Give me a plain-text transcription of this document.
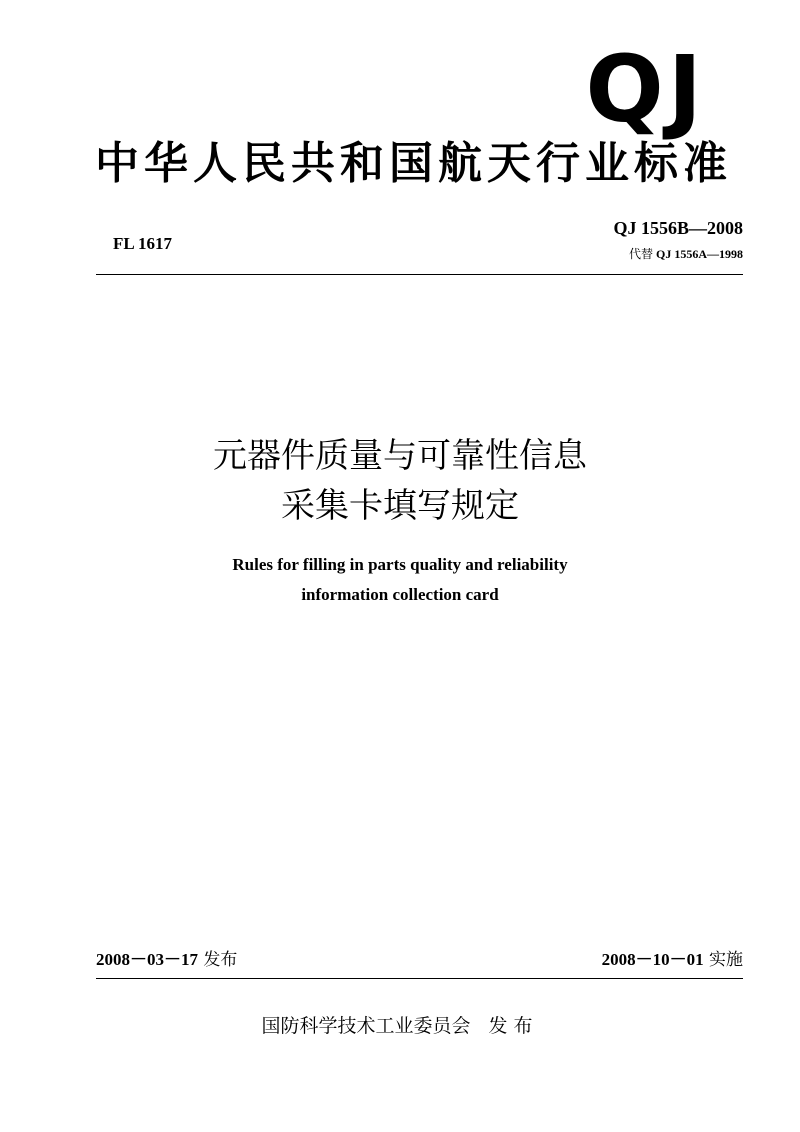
QJ
中华人民共和国航天行业标准
FL 1617
QJ 1556B—2008
代替 QJ 1556A—1998
元器件质量与可靠性信息
采集卡填写规定
Rules for filling in parts quality and reliability
information collection card
2008－03－17 发布	2008－10－01 实施
国防科学技术工业委员会 发布
